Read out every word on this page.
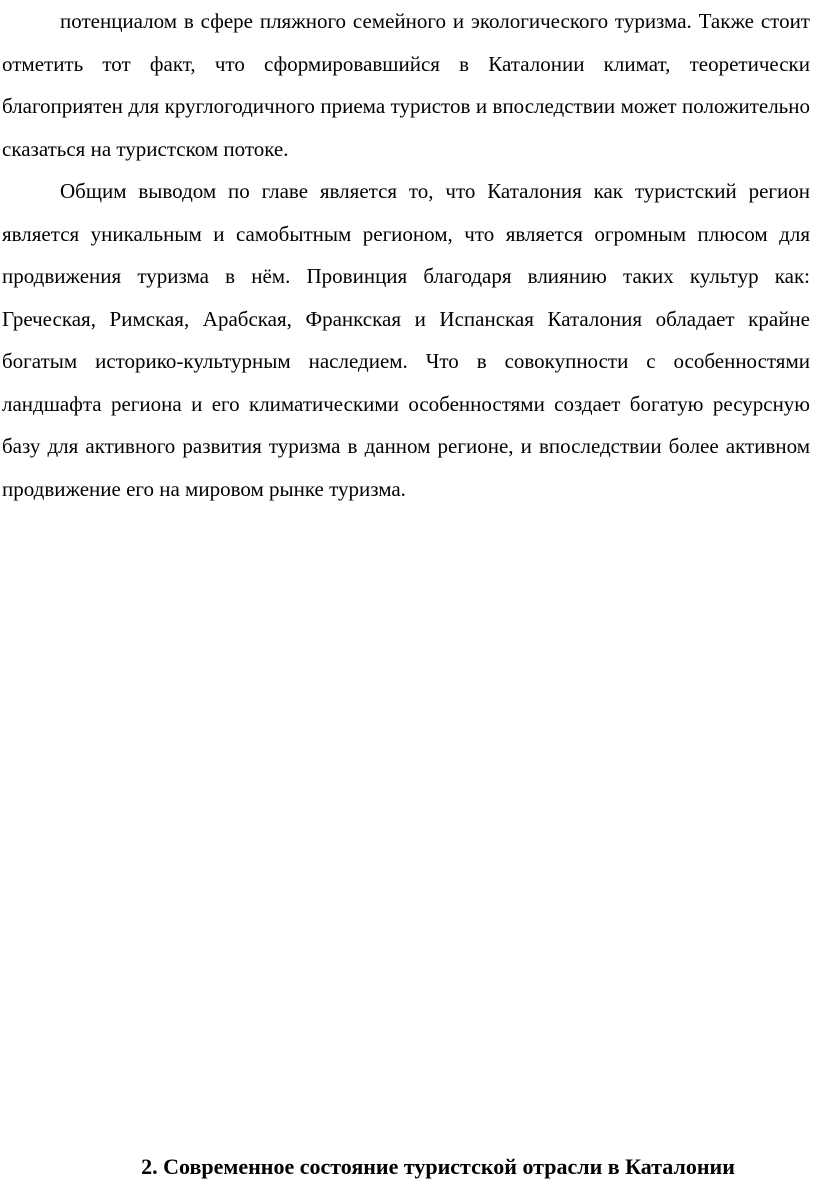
потенциалом в сфере пляжного семейного и экологического туризма. Также стоит отметить тот факт, что сформировавшийся в Каталонии климат, теоретически благоприятен для круглогодичного приема туристов и впоследствии может положительно сказаться на туристском потоке.

Общим выводом по главе является то, что Каталония как туристский регион является уникальным и самобытным регионом, что является огромным плюсом для продвижения туризма в нём. Провинция благодаря влиянию таких культур как: Греческая, Римская, Арабская, Франкская и Испанская Каталония обладает крайне богатым историко-культурным наследием. Что в совокупности с особенностями ландшафта региона и его климатическими особенностями создает богатую ресурсную базу для активного развития туризма в данном регионе, и впоследствии более активном продвижение его на мировом рынке туризма.

2. Современное состояние туристской отрасли в Каталонии
